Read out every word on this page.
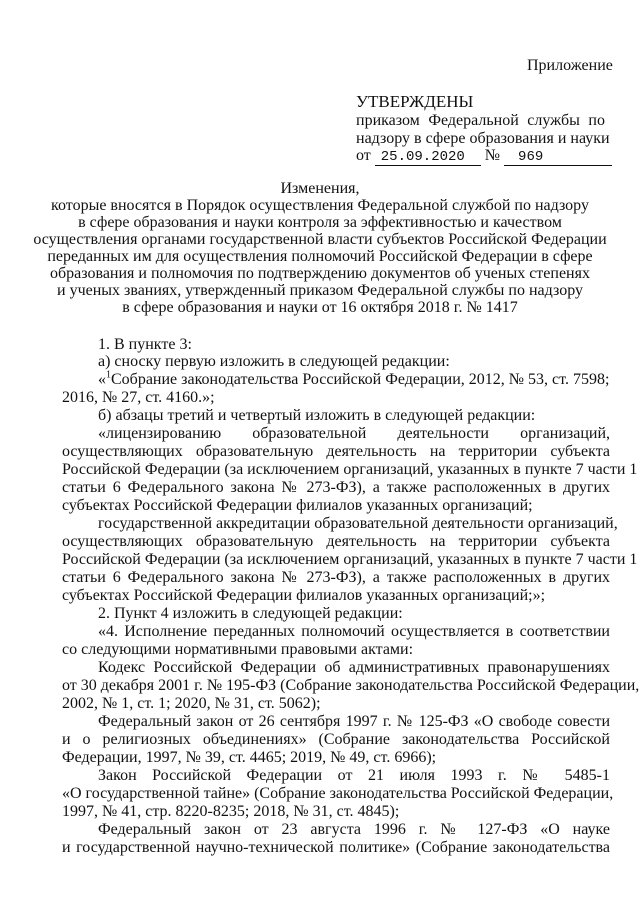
Приложение
УТВЕРЖДЕНЫ
приказом Федеральной службы по
надзору в сфере образования и науки
от 25.09.2020 № 969
Изменения,
которые вносятся в Порядок осуществления Федеральной службой по надзору
в сфере образования и науки контроля за эффективностью и качеством
осуществления органами государственной власти субъектов Российской Федерации
переданных им для осуществления полномочий Российской Федерации в сфере
образования и полномочия по подтверждению документов об ученых степенях
и ученых званиях, утвержденный приказом Федеральной службы по надзору
в сфере образования и науки от 16 октября 2018 г. № 1417
1. В пункте 3:
а) сноску первую изложить в следующей редакции:
«$^1$Собрание законодательства Российской Федерации, 2012, № 53, ст. 7598;
2016, № 27, ст. 4160.»;
б) абзацы третий и четвертый изложить в следующей редакции:
«лицензированию образовательной деятельности организаций,
осуществляющих образовательную деятельность на территории субъекта
Российской Федерации (за исключением организаций, указанных в пункте 7 части 1
статьи 6 Федерального закона № 273-ФЗ), а также расположенных в других
субъектах Российской Федерации филиалов указанных организаций;
государственной аккредитации образовательной деятельности организаций,
осуществляющих образовательную деятельность на территории субъекта
Российской Федерации (за исключением организаций, указанных в пункте 7 части 1
статьи 6 Федерального закона № 273-ФЗ), а также расположенных в других
субъектах Российской Федерации филиалов указанных организаций;»;
2. Пункт 4 изложить в следующей редакции:
«4. Исполнение переданных полномочий осуществляется в соответствии
со следующими нормативными правовыми актами:
Кодекс Российской Федерации об административных правонарушениях
от 30 декабря 2001 г. № 195-ФЗ (Собрание законодательства Российской Федерации,
2002, № 1, ст. 1; 2020, № 31, ст. 5062);
Федеральный закон от 26 сентября 1997 г. № 125-ФЗ «О свободе совести
и о религиозных объединениях» (Собрание законодательства Российской
Федерации, 1997, № 39, ст. 4465; 2019, № 49, ст. 6966);
Закон Российской Федерации от 21 июля 1993 г. № 5485-1
«О государственной тайне» (Собрание законодательства Российской Федерации,
1997, № 41, стр. 8220-8235; 2018, № 31, ст. 4845);
Федеральный закон от 23 августа 1996 г. № 127-ФЗ «О науке
и государственной научно-технической политике» (Собрание законодательства
